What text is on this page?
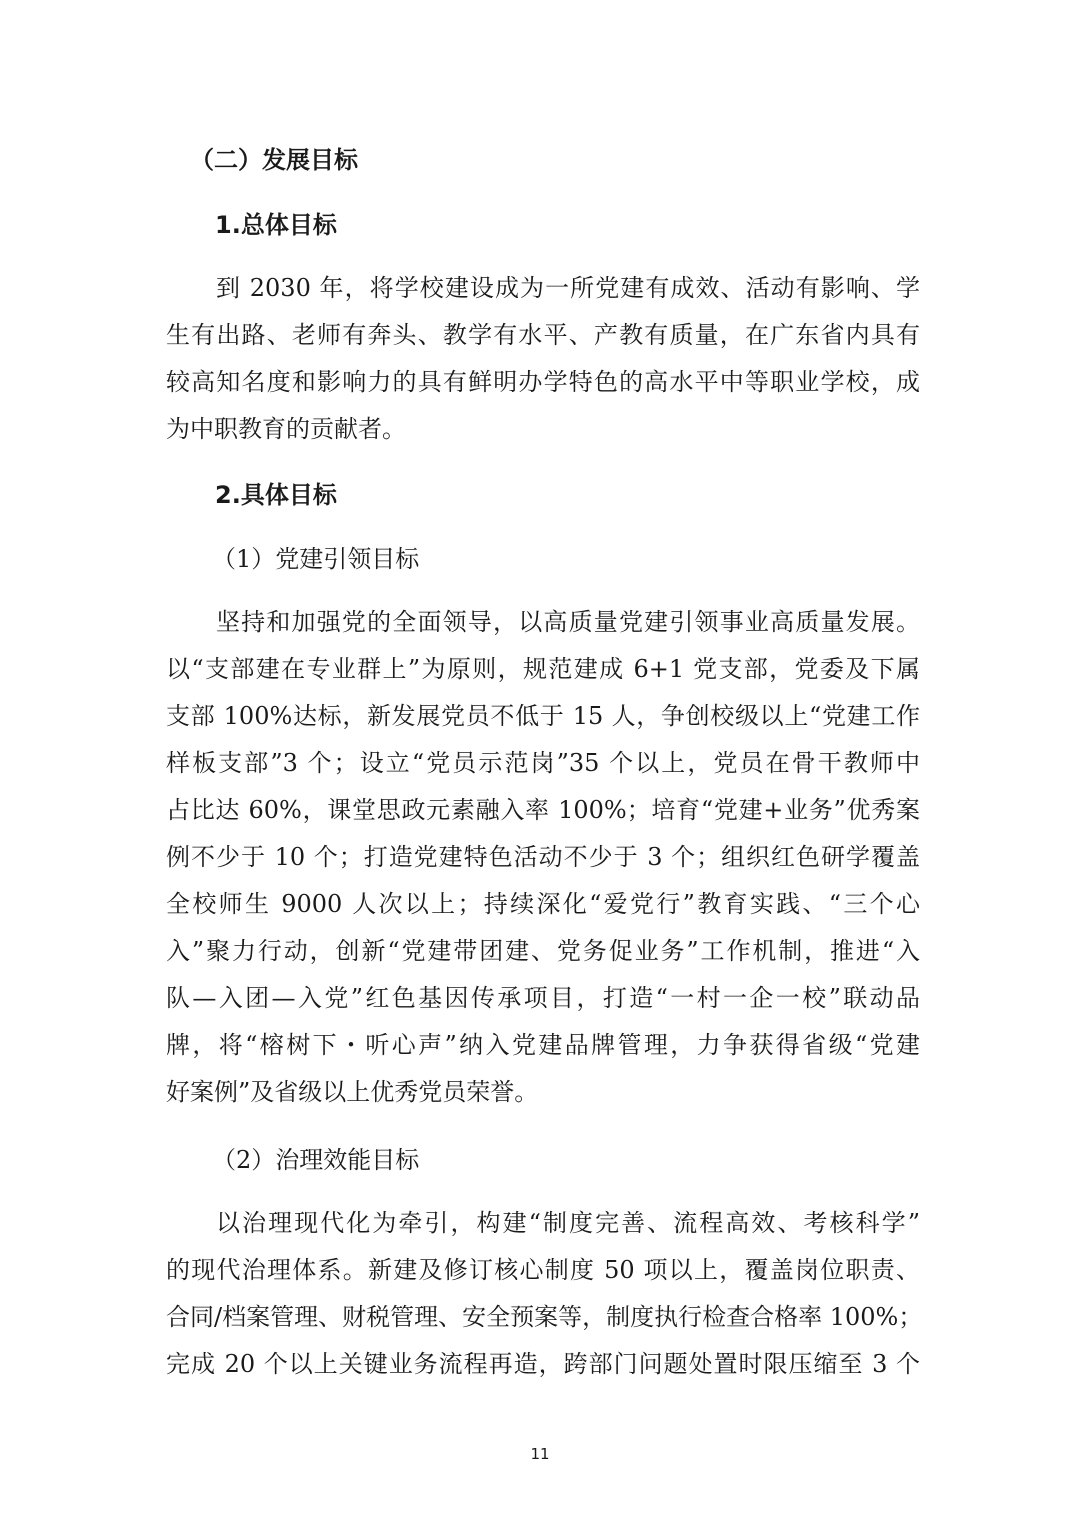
（二）发展目标
1.总体目标
到 2030 年，将学校建设成为一所党建有成效、活动有影响、学
生有出路、老师有奔头、教学有水平、产教有质量，在广东省内具有
较高知名度和影响力的具有鲜明办学特色的高水平中等职业学校，成
为中职教育的贡献者。
2.具体目标
（1）党建引领目标
坚持和加强党的全面领导，以高质量党建引领事业高质量发展。
以“支部建在专业群上”为原则，规范建成 6+1 党支部，党委及下属
支部 100%达标，新发展党员不低于 15 人，争创校级以上“党建工作
样板支部”3 个；设立“党员示范岗”35 个以上，党员在骨干教师中
占比达 60%，课堂思政元素融入率 100%；培育“党建+业务”优秀案
例不少于 10 个；打造党建特色活动不少于 3 个；组织红色研学覆盖
全校师生 9000 人次以上；持续深化“爱党行”教育实践、“三个心
入”聚力行动，创新“党建带团建、党务促业务”工作机制，推进“入
队—入团—入党”红色基因传承项目，打造“一村一企一校”联动品
牌，将“榕树下・听心声”纳入党建品牌管理，力争获得省级“党建
好案例”及省级以上优秀党员荣誉。
（2）治理效能目标
以治理现代化为牵引，构建“制度完善、流程高效、考核科学”
的现代治理体系。新建及修订核心制度 50 项以上，覆盖岗位职责、
合同/档案管理、财税管理、安全预案等，制度执行检查合格率 100%；
完成 20 个以上关键业务流程再造，跨部门问题处置时限压缩至 3 个
11
